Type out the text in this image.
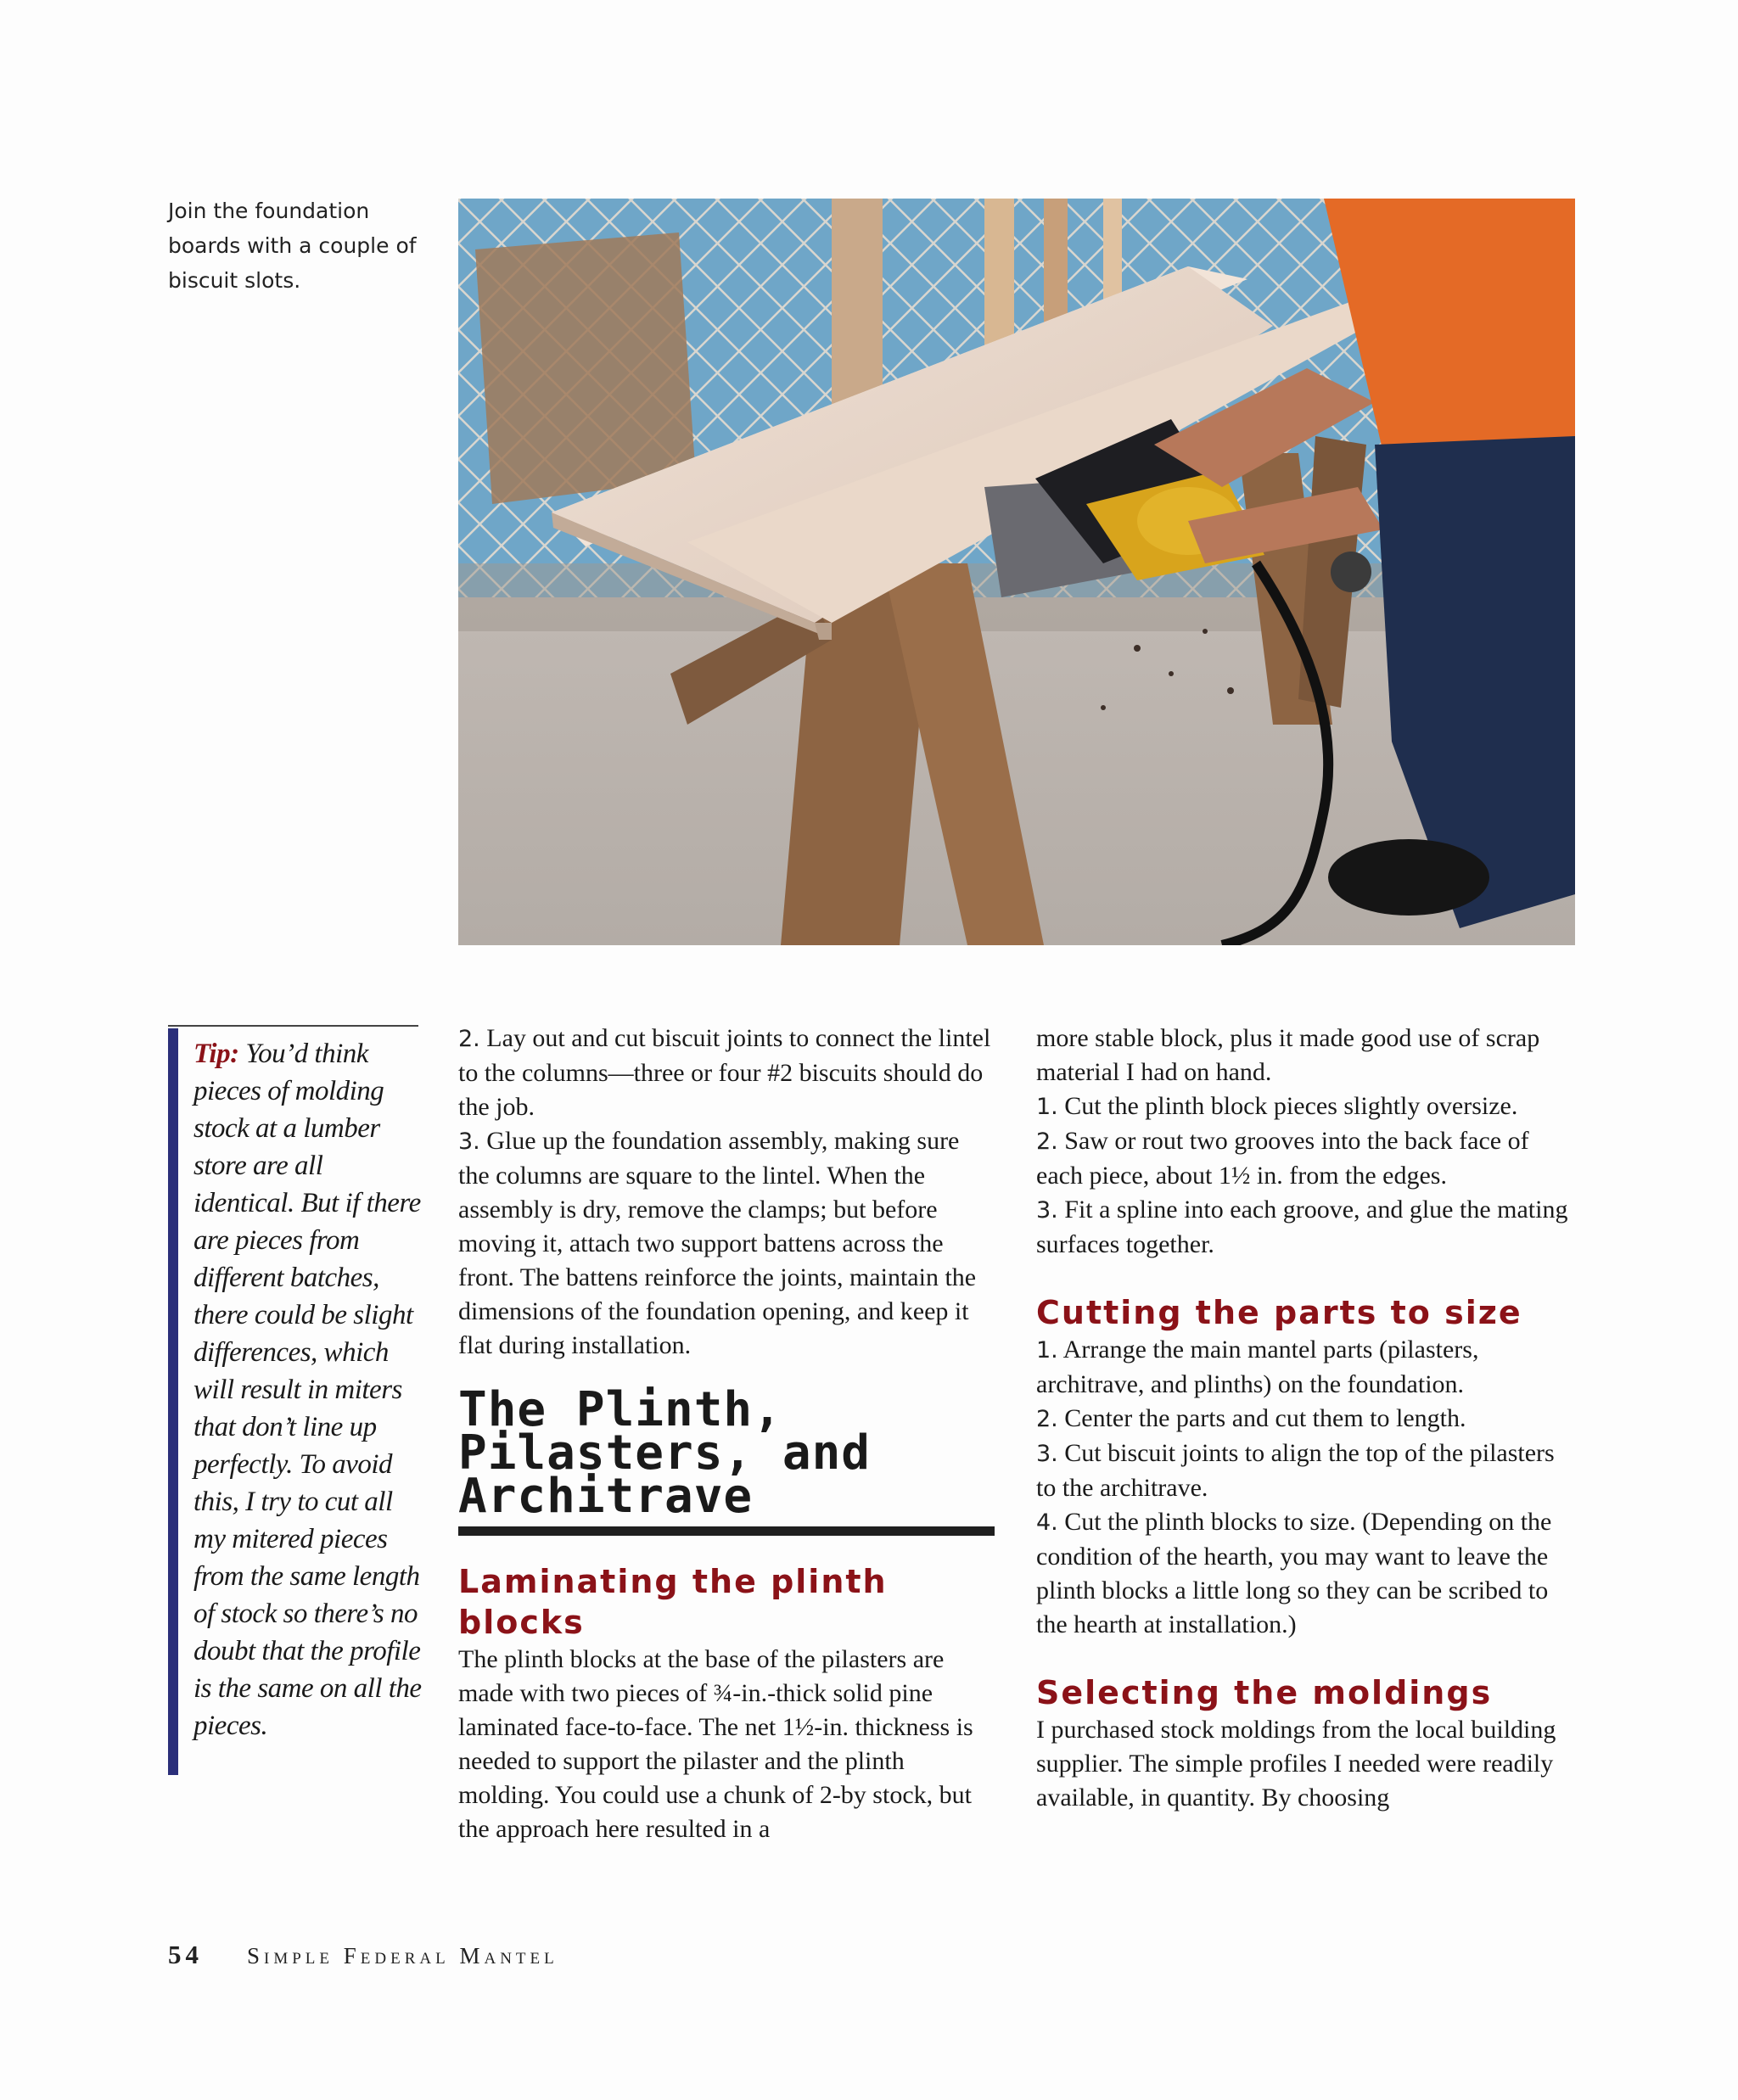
Join the foundation boards with a couple of biscuit slots.

Tip: You’d think pieces of molding stock at a lumber store are all identical. But if there are pieces from different batches, there could be slight differences, which will result in miters that don’t line up perfectly. To avoid this, I try to cut all my mitered pieces from the same length of stock so there’s no doubt that the profile is the same on all the pieces.

2. Lay out and cut biscuit joints to connect the lintel to the columns—three or four #2 biscuits should do the job.

3. Glue up the foundation assembly, making sure the columns are square to the lintel. When the assembly is dry, remove the clamps; but before moving it, attach two support battens across the front. The battens reinforce the joints, maintain the dimensions of the foundation opening, and keep it flat during installation.

The Plinth, Pilasters, and Architrave
Laminating the plinth blocks

The plinth blocks at the base of the pilasters are made with two pieces of ¾-in.-thick solid pine laminated face-to-face. The net 1½-in. thickness is needed to support the pilaster and the plinth molding. You could use a chunk of 2-by stock, but the approach here resulted in a

more stable block, plus it made good use of scrap material I had on hand.

1. Cut the plinth block pieces slightly oversize.

2. Saw or rout two grooves into the back face of each piece, about 1½ in. from the edges.

3. Fit a spline into each groove, and glue the mating surfaces together.

Cutting the parts to size

1. Arrange the main mantel parts (pilasters, architrave, and plinths) on the foundation.

2. Center the parts and cut them to length.

3. Cut biscuit joints to align the top of the pilasters to the architrave.

4. Cut the plinth blocks to size. (Depending on the condition of the hearth, you may want to leave the plinth blocks a little long so they can be scribed to the hearth at installation.)

Selecting the moldings

I purchased stock moldings from the local building supplier. The simple profiles I needed were readily available, in quantity. By choosing

54 Simple Federal Mantel
